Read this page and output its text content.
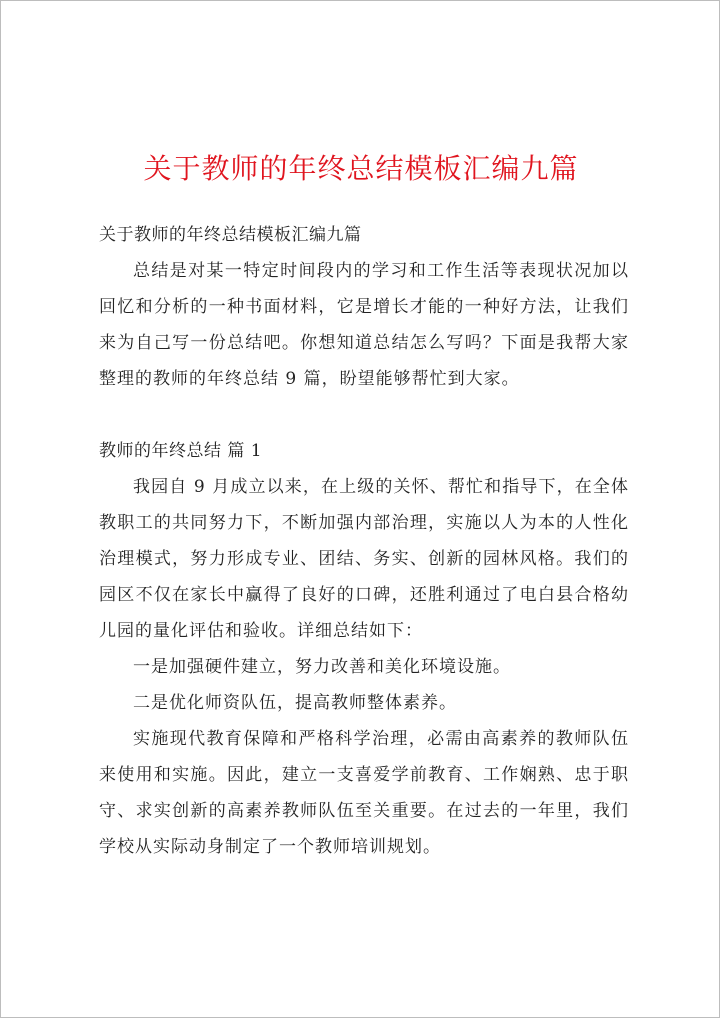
关于教师的年终总结模板汇编九篇

关于教师的年终总结模板汇编九篇

总结是对某一特定时间段内的学习和工作生活等表现状况加以回忆和分析的一种书面材料，它是增长才能的一种好方法，让我们来为自己写一份总结吧。你想知道总结怎么写吗？下面是我帮大家整理的教师的年终总结 9 篇，盼望能够帮忙到大家。

教师的年终总结 篇 1

我园自 9 月成立以来，在上级的关怀、帮忙和指导下，在全体教职工的共同努力下，不断加强内部治理，实施以人为本的人性化治理模式，努力形成专业、团结、务实、创新的园林风格。我们的园区不仅在家长中赢得了良好的口碑，还胜利通过了电白县合格幼儿园的量化评估和验收。详细总结如下：

一是加强硬件建立，努力改善和美化环境设施。

二是优化师资队伍，提高教师整体素养。

实施现代教育保障和严格科学治理，必需由高素养的教师队伍来使用和实施。因此，建立一支喜爱学前教育、工作娴熟、忠于职守、求实创新的高素养教师队伍至关重要。在过去的一年里，我们学校从实际动身制定了一个教师培训规划。
